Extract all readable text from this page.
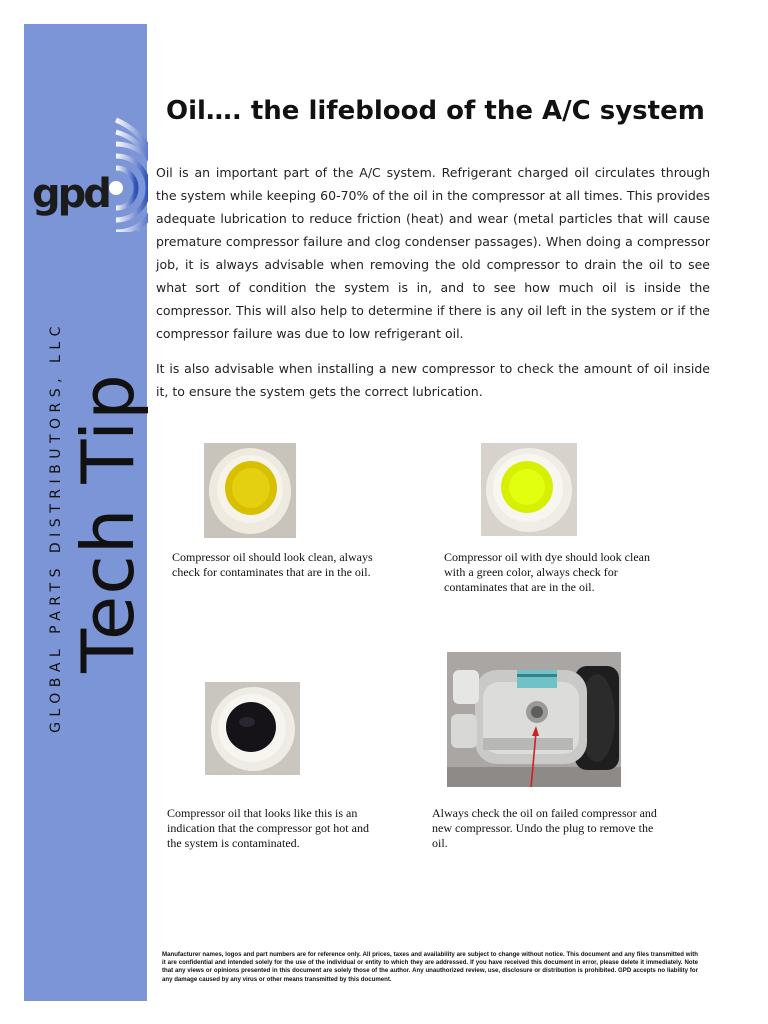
gpd
GLOBAL PARTS DISTRIBUTORS, LLC Tech Tip
Oil…. the lifeblood of the A/C system

Oil is an important part of the A/C system. Refrigerant charged oil circulates through the system while keeping 60-70% of the oil in the compressor at all times. This provides adequate lubrication to reduce friction (heat) and wear (metal particles that will cause premature compressor failure and clog condenser passages). When doing a compressor job, it is always advisable when removing the old compressor to drain the oil to see what sort of condition the system is in, and to see how much oil is inside the compressor. This will also help to determine if there is any oil left in the system or if the compressor failure was due to low refrigerant oil.

It is also advisable when installing a new compressor to check the amount of oil inside it, to ensure the system gets the correct lubrication.

Compressor oil should look clean, always check for contaminates that are in the oil.

Compressor oil with dye should look clean with a green color, always check for contaminates that are in the oil.

Compressor oil that looks like this is an indication that the compressor got hot and the system is contaminated.

Always check the oil on failed compressor and new compressor. Undo the plug to remove the oil.

Manufacturer names, logos and part numbers are for reference only. All prices, taxes and availability are subject to change without notice. This document and any files transmitted with it are confidential and intended solely for the use of the individual or entity to which they are addressed. If you have received this document in error, please delete it immediately. Note that any views or opinions presented in this document are solely those of the author. Any unauthorized review, use, disclosure or distribution is prohibited. GPD accepts no liability for any damage caused by any virus or other means transmitted by this document.
